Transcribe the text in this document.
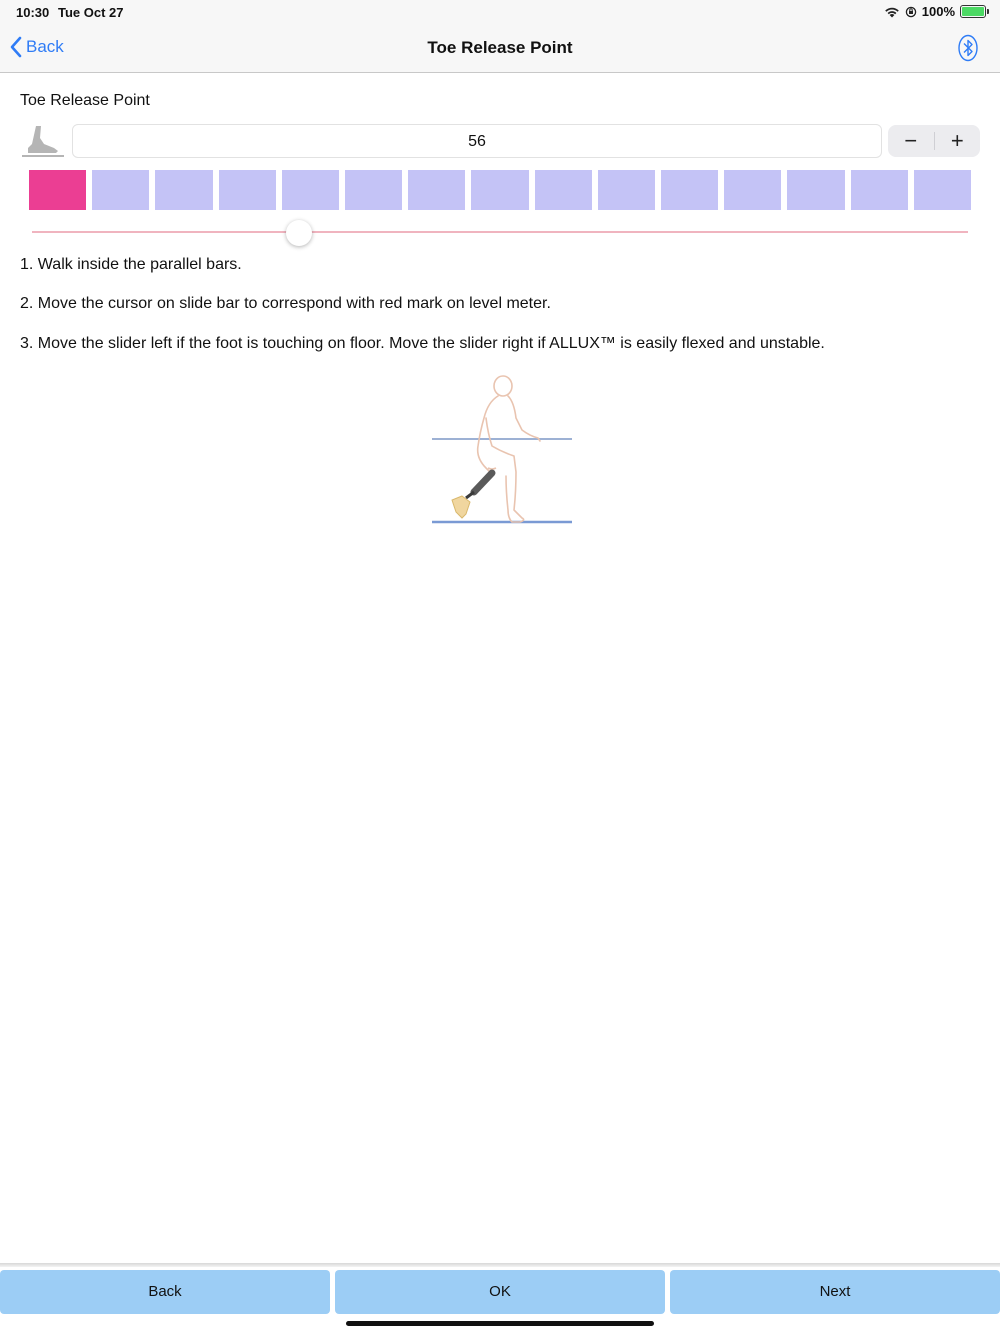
10:30 Tue Oct 27	100%
Back	Toe Release Point
Toe Release Point
56	−	+
1. Walk inside the parallel bars.
2. Move the cursor on slide bar to correspond with red mark on level meter.
3. Move the slider left if the foot is touching on floor. Move the slider right if ALLUX™ is easily flexed and unstable.
Back	OK	Next
